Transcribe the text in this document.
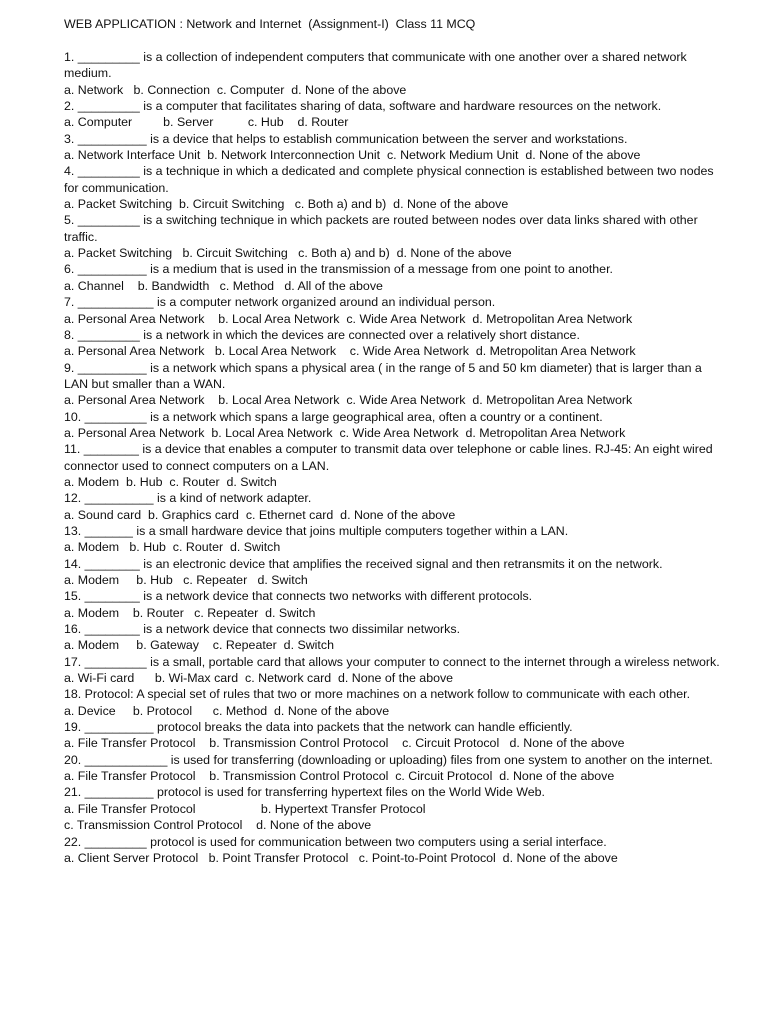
WEB APPLICATION : Network and Internet  (Assignment-I)  Class 11 MCQ
1. _________ is a collection of independent computers that communicate with one another over a shared network medium.
a. Network   b. Connection  c. Computer  d. None of the above
2. _________ is a computer that facilitates sharing of data, software and hardware resources on the network.
a. Computer         b. Server          c. Hub    d. Router
3. __________ is a device that helps to establish communication between the server and workstations.
a. Network Interface Unit  b. Network Interconnection Unit  c. Network Medium Unit  d. None of the above
4. _________ is a technique in which a dedicated and complete physical connection is established between two nodes for communication.
a. Packet Switching  b. Circuit Switching   c. Both a) and b)  d. None of the above
5. _________ is a switching technique in which packets are routed between nodes over data links shared with other traffic.
a. Packet Switching   b. Circuit Switching   c. Both a) and b)  d. None of the above
6. __________ is a medium that is used in the transmission of a message from one point to another.
a. Channel    b. Bandwidth   c. Method   d. All of the above
7. ___________ is a computer network organized around an individual person.
a. Personal Area Network    b. Local Area Network  c. Wide Area Network  d. Metropolitan Area Network
8. _________ is a network in which the devices are connected over a relatively short distance.
a. Personal Area Network   b. Local Area Network    c. Wide Area Network  d. Metropolitan Area Network
9. __________ is a network which spans a physical area ( in the range of 5 and 50 km diameter) that is larger than a LAN but smaller than a WAN.
a. Personal Area Network    b. Local Area Network  c. Wide Area Network  d. Metropolitan Area Network
10. _________ is a network which spans a large geographical area, often a country or a continent.
a. Personal Area Network  b. Local Area Network  c. Wide Area Network  d. Metropolitan Area Network
11. ________ is a device that enables a computer to transmit data over telephone or cable lines. RJ-45: An eight wired connector used to connect computers on a LAN.
a. Modem  b. Hub  c. Router  d. Switch
12. __________ is a kind of network adapter.
a. Sound card  b. Graphics card  c. Ethernet card  d. None of the above
13. _______ is a small hardware device that joins multiple computers together within a LAN.
a. Modem   b. Hub  c. Router  d. Switch
14. ________ is an electronic device that amplifies the received signal and then retransmits it on the network.
a. Modem     b. Hub   c. Repeater   d. Switch
15. ________ is a network device that connects two networks with different protocols.
a. Modem    b. Router   c. Repeater  d. Switch
16. ________ is a network device that connects two dissimilar networks.
a. Modem     b. Gateway    c. Repeater  d. Switch
17. _________ is a small, portable card that allows your computer to connect to the internet through a wireless network.
a. Wi-Fi card      b. Wi-Max card  c. Network card  d. None of the above
18. Protocol: A special set of rules that two or more machines on a network follow to communicate with each other.
a. Device     b. Protocol      c. Method  d. None of the above
19. __________ protocol breaks the data into packets that the network can handle efficiently.
a. File Transfer Protocol    b. Transmission Control Protocol    c. Circuit Protocol   d. None of the above
20. ____________ is used for transferring (downloading or uploading) files from one system to another on the internet.
a. File Transfer Protocol    b. Transmission Control Protocol  c. Circuit Protocol  d. None of the above
21. __________ protocol is used for transferring hypertext files on the World Wide Web.
a. File Transfer Protocol                   b. Hypertext Transfer Protocol
c. Transmission Control Protocol    d. None of the above
22. _________ protocol is used for communication between two computers using a serial interface.
a. Client Server Protocol   b. Point Transfer Protocol   c. Point-to-Point Protocol  d. None of the above
